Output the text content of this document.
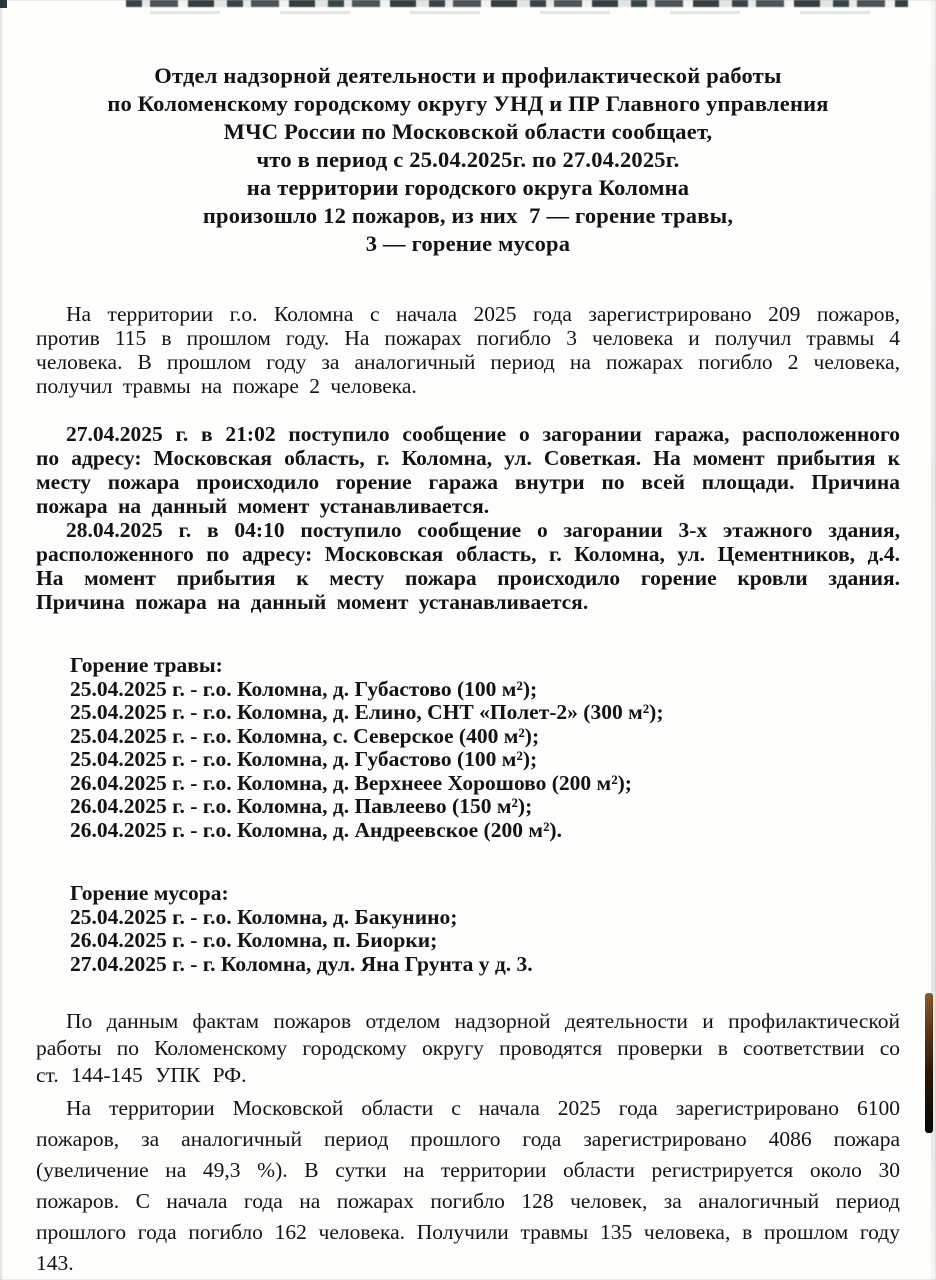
Отдел надзорной деятельности и профилактической работы
по Коломенскому городскому округу УНД и ПР Главного управления
МЧС России по Московской области сообщает,
что в период с 25.04.2025г. по 27.04.2025г.
на территории городского округа Коломна
произошло 12 пожаров, из них  7 — горение травы,
3 — горение мусора

На территории г.о. Коломна с начала 2025 года зарегистрировано 209 пожаров, против 115 в прошлом году. На пожарах погибло 3 человека и получил травмы 4 человека. В прошлом году за аналогичный период на пожарах погибло 2 человека, получил травмы на пожаре 2 человека.

27.04.2025 г. в 21:02 поступило сообщение о загорании гаража, расположенного по адресу: Московская область, г. Коломна, ул. Советкая. На момент прибытия к месту пожара происходило горение гаража внутри по всей площади. Причина пожара на данный момент устанавливается.

28.04.2025 г. в 04:10 поступило сообщение о загорании 3-х этажного здания, расположенного по адресу: Московская область, г. Коломна, ул. Цементников, д.4. На момент прибытия к месту пожара происходило горение кровли здания. Причина пожара на данный момент устанавливается.

Горение травы:
25.04.2025 г. - г.о. Коломна, д. Губастово (100 м²);
25.04.2025 г. - г.о. Коломна, д. Елино, СНТ «Полет-2» (300 м²);
25.04.2025 г. - г.о. Коломна, с. Северское (400 м²);
25.04.2025 г. - г.о. Коломна, д. Губастово (100 м²);
26.04.2025 г. - г.о. Коломна, д. Верхнеее Хорошово (200 м²);
26.04.2025 г. - г.о. Коломна, д. Павлеево (150 м²);
26.04.2025 г. - г.о. Коломна, д. Андреевское (200 м²).
Горение мусора:
25.04.2025 г. - г.о. Коломна, д. Бакунино;
26.04.2025 г. - г.о. Коломна, п. Биорки;
27.04.2025 г. - г. Коломна, дул. Яна Грунта у д. 3.

По данным фактам пожаров отделом надзорной деятельности и профилактической работы по Коломенскому городскому округу проводятся проверки в соответствии со ст. 144-145 УПК РФ.

На территории Московской области с начала 2025 года зарегистрировано 6100 пожаров, за аналогичный период прошлого года зарегистрировано 4086 пожара (увеличение на 49,3 %). В сутки на территории области регистрируется около 30 пожаров. С начала года на пожарах погибло 128 человек, за аналогичный период прошлого года погибло 162 человека. Получили травмы 135 человека, в прошлом году 143.
